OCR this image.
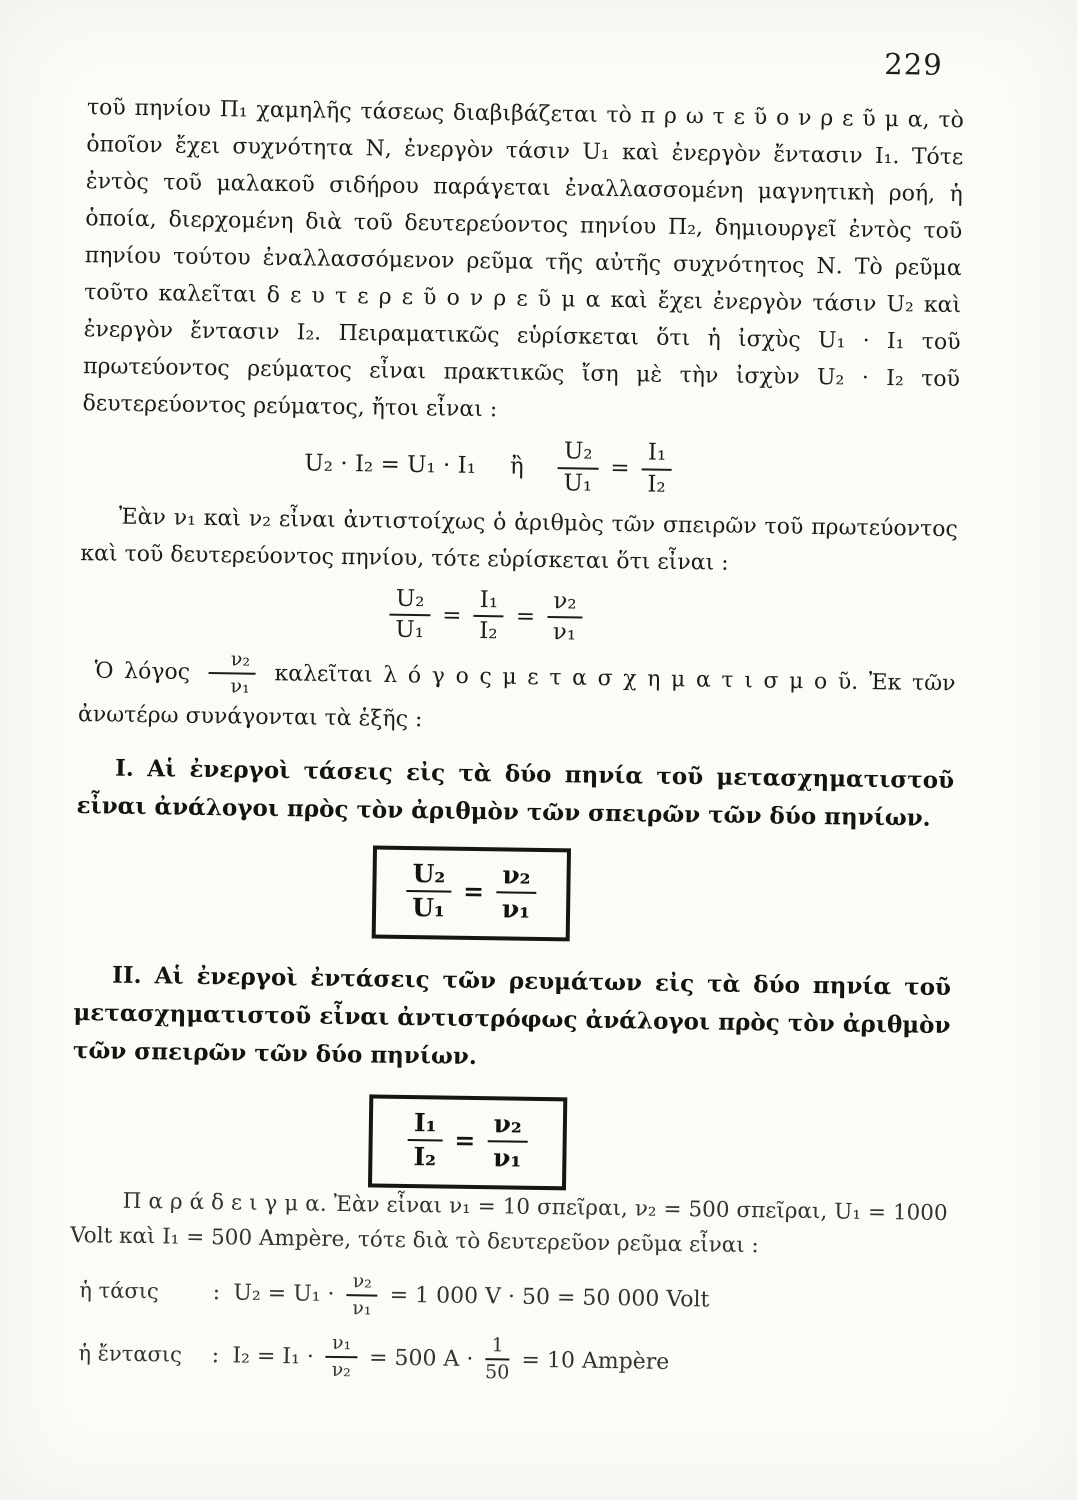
229

τοῦ πηνίου Π₁ χαμηλῆς τάσεως διαβιβάζεται τὸ π ρ ω τ ε ῦ ο ν ρ ε ῦ μ α, τὸ ὁποῖον ἔχει συχνότητα Ν, ἐνεργὸν τάσιν U₁ καὶ ἐνεργὸν ἔντασιν I₁. Τότε ἐντὸς τοῦ μαλακοῦ σιδήρου παράγεται ἐναλλασσομένη μαγνητικὴ ροή, ἡ ὁποία, διερχομένη διὰ τοῦ δευτερεύοντος πηνίου Π₂, δημιουργεῖ ἐντὸς τοῦ πηνίου τούτου ἐναλλασσόμενον ρεῦμα τῆς αὐτῆς συχνότητος Ν. Τὸ ρεῦμα τοῦτο καλεῖται δ ε υ τ ε ρ ε ῦ ο ν ρ ε ῦ μ α καὶ ἔχει ἐνεργὸν τάσιν U₂ καὶ ἐνεργὸν ἔντασιν I₂. Πειραματικῶς εὑρίσκεται ὅτι ἡ ἰσχὺς U₁ · I₁ τοῦ πρωτεύοντος ρεύματος εἶναι πρακτικῶς ἴση μὲ τὴν ἰσχὺν U₂ · I₂ τοῦ δευτερεύοντος ρεύματος, ἤτοι εἶναι :

U₂ · I₂ = U₁ · I₁ ἢ $\frac{\text{U₂}}{\text{U₁}} = \frac{\text{I₁}}{\text{I₂}}$

Ἐὰν ν₁ καὶ ν₂ εἶναι ἀντιστοίχως ὁ ἀριθμὸς τῶν σπειρῶν τοῦ πρωτεύοντος καὶ τοῦ δευτερεύοντος πηνίου, τότε εὑρίσκεται ὅτι εἶναι :

$\frac{\text{U₂}}{\text{U₁}} = \frac{\text{I₁}}{\text{I₂}} = \frac{\text{ν₂}}{\text{ν₁}}$

Ὁ λόγος $\frac{\text{ν₂}}{\text{ν₁}}$ καλεῖται λ ό γ ο ς μ ε τ α σ χ η μ α τ ι σ μ ο ῦ. Ἐκ τῶν ἀνωτέρω συνάγονται τὰ ἑξῆς :

I. Αἱ ἐνεργοὶ τάσεις εἰς τὰ δύο πηνία τοῦ μετασχηματιστοῦ εἶναι ἀνάλογοι πρὸς τὸν ἀριθμὸν τῶν σπειρῶν τῶν δύο πηνίων.

$\frac{\text{U₂}}{\text{U₁}} = \frac{\text{ν₂}}{\text{ν₁}}$

II. Αἱ ἐνεργοὶ ἐντάσεις τῶν ρευμάτων εἰς τὰ δύο πηνία τοῦ μετασχηματιστοῦ εἶναι ἀντιστρόφως ἀνάλογοι πρὸς τὸν ἀριθμὸν τῶν σπειρῶν τῶν δύο πηνίων.

$\frac{\text{I₁}}{\text{I₂}} = \frac{\text{ν₂}}{\text{ν₁}}$

Π α ρ ά δ ε ι γ μ α. Ἐὰν εἶναι ν₁ = 10 σπεῖραι, ν₂ = 500 σπεῖραι, U₁ = 1000 Volt καὶ I₁ = 500 Ampère, τότε διὰ τὸ δευτερεῦον ρεῦμα εἶναι :

ἡ τάσις	: $U_2 = U_1 \cdot \frac{\text{ν₂}}{\text{ν₁}} = 1$ 000 V · 50 = 50 000 Volt
ἡ ἔντασις	: $I_2 = I_1 \cdot \frac{\text{ν₁}}{\text{ν₂}} = 500$ $A \cdot \frac{1}{50} = 10$ Ampère
